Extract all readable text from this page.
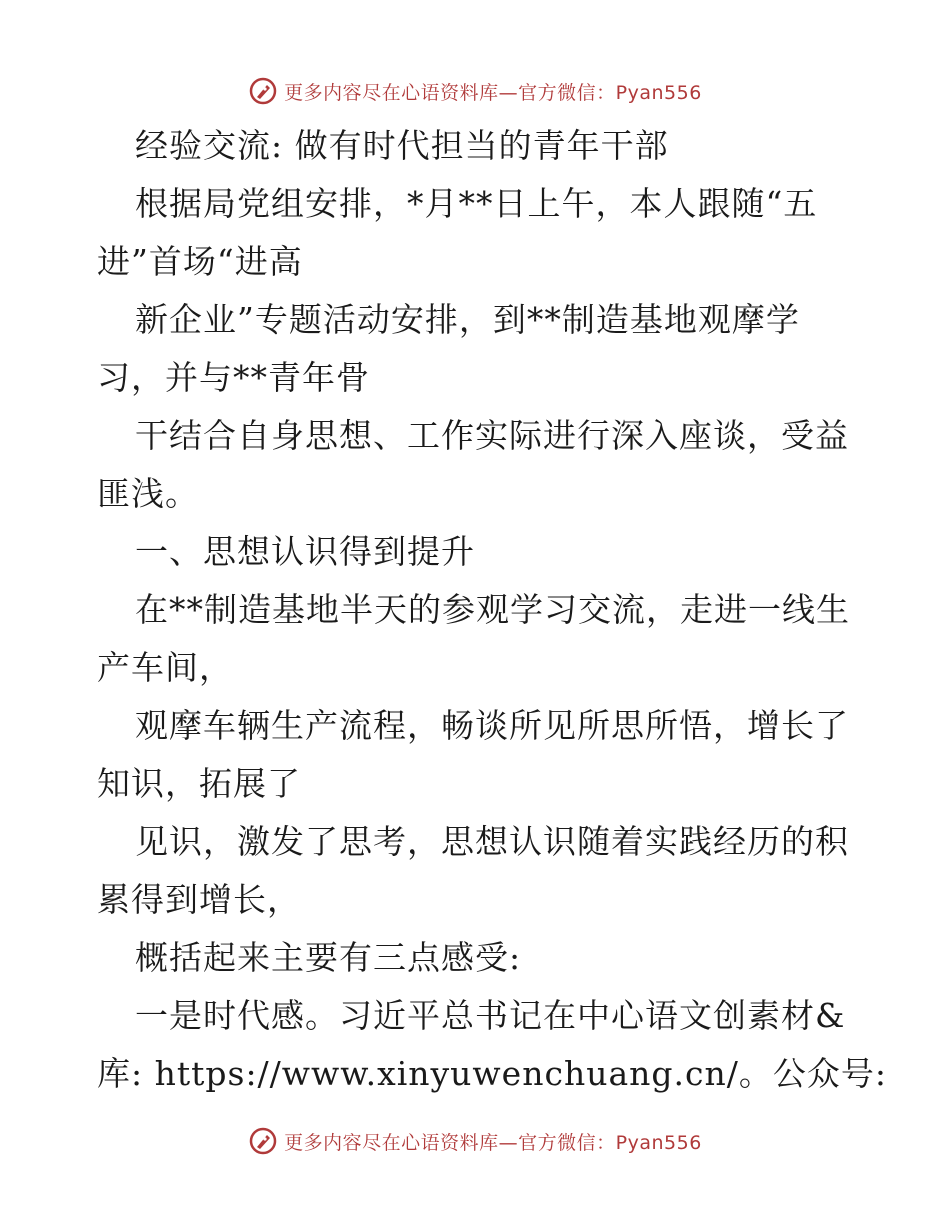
更多内容尽在心语资料库—官方微信：Pyan556
经验交流: 做有时代担当的青年干部
根据局党组安排，*月**日上午，本人跟随“五
进”首场“进高
新企业”专题活动安排，到**制造基地观摩学
习，并与**青年骨
干结合自身思想、工作实际进行深入座谈，受益
匪浅。
一、思想认识得到提升
在**制造基地半天的参观学习交流，走进一线生
产车间，
观摩车辆生产流程，畅谈所见所思所悟，增长了
知识，拓展了
见识，激发了思考，思想认识随着实践经历的积
累得到增长，
概括起来主要有三点感受:
一是时代感。习近平总书记在中心语文创素材&
库: https://www.xinyuwenchuang.cn/。公众号:
更多内容尽在心语资料库—官方微信：Pyan556
